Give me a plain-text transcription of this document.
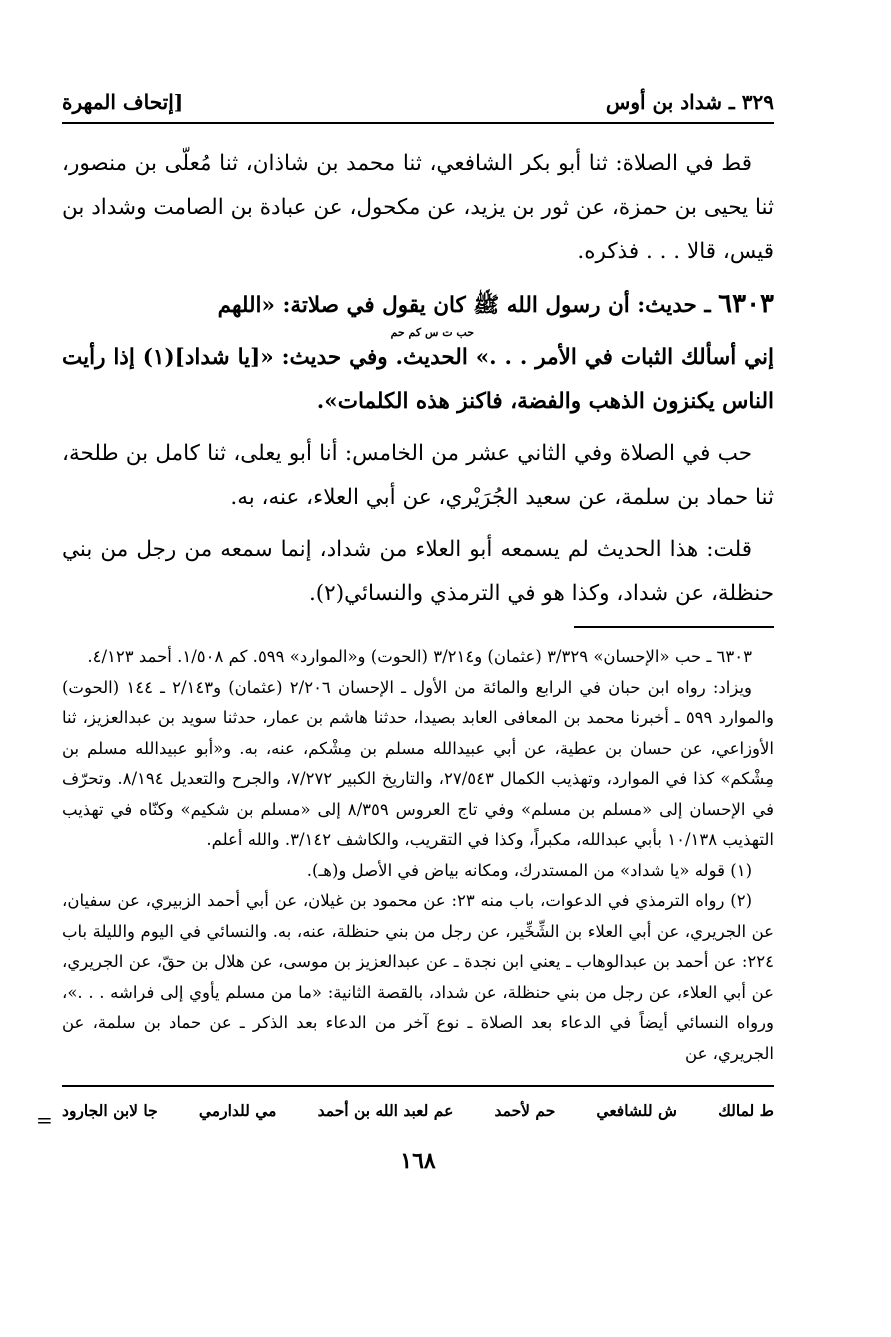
٣٢٩ ـ شداد بن أوس
[إتحاف المهرة

قط في الصلاة: ثنا أبو بكر الشافعي، ثنا محمد بن شاذان، ثنا مُعلّى بن منصور، ثنا يحيى بن حمزة، عن ثور بن يزيد، عن مكحول، عن عبادة بن الصامت وشداد بن قيس، قالا . . . فذكره.

٦٣٠٣ ـ حديث: أن رسول الله ﷺ كان يقول في صلاتة: «اللهم
حب ت س كم حم
إني أسألك الثبات في الأمر . . .» الحديث. وفي حديث: «[يا شداد](١) إذا رأيت الناس يكنزون الذهب والفضة، فاكنز هذه الكلمات».

حب في الصلاة وفي الثاني عشر من الخامس: أنا أبو يعلى، ثنا كامل بن طلحة، ثنا حماد بن سلمة، عن سعيد الجُرَيْري، عن أبي العلاء، عنه، به.

قلت: هذا الحديث لم يسمعه أبو العلاء من شداد، إنما سمعه من رجل من بني حنظلة، عن شداد، وكذا هو في الترمذي والنسائي(٢).

٦٣٠٣ ـ حب «الإحسان» ٣/٣٢٩ (عثمان) و٣/٢١٤ (الحوت) و«الموارد» ٥٩٩. كم ١/٥٠٨. أحمد ٤/١٢٣.

ويزاد: رواه ابن حبان في الرابع والمائة من الأول ـ الإحسان ٢/٢٠٦ (عثمان) و٢/١٤٣ ـ ١٤٤ (الحوت) والموارد ٥٩٩ ـ أخبرنا محمد بن المعافى العابد بصيدا، حدثنا هاشم بن عمار، حدثنا سويد بن عبدالعزيز، ثنا الأوزاعي، عن حسان بن عطية، عن أبي عبيدالله مسلم بن مِشْكم، عنه، به. و«أبو عبيدالله مسلم بن مِشْكم» كذا في الموارد، وتهذيب الكمال ٢٧/٥٤٣، والتاريخ الكبير ٧/٢٧٢، والجرح والتعديل ٨/١٩٤. وتحرّف في الإحسان إلى «مسلم بن مسلم» وفي تاج العروس ٨/٣٥٩ إلى «مسلم بن شكيم» وكنّاه في تهذيب التهذيب ١٠/١٣٨ بأبي عبدالله، مكبراً، وكذا في التقريب، والكاشف ٣/١٤٢. والله أعلم.

(١) قوله «يا شداد» من المستدرك، ومكانه بياض في الأصل و(هـ).

(٢) رواه الترمذي في الدعوات، باب منه ٢٣: عن محمود بن غيلان، عن أبي أحمد الزبيري، عن سفيان، عن الجريري، عن أبي العلاء بن الشِّخِّير، عن رجل من بني حنظلة، عنه، به. والنسائي في اليوم والليلة باب ٢٢٤: عن أحمد بن عبدالوهاب ـ يعني ابن نجدة ـ عن عبدالعزيز بن موسى، عن هلال بن حقّ، عن الجريري، عن أبي العلاء، عن رجل من بني حنظلة، عن شداد، بالقصة الثانية: «ما من مسلم يأوي إلى فراشه . . .»، ورواه النسائي أيضاً في الدعاء بعد الصلاة ـ نوع آخر من الدعاء بعد الذكر ـ عن حماد بن سلمة، عن الجريري، عن

ط لمالك
ش للشافعي
حم لأحمد
عم لعبد الله بن أحمد
مي للدارمي
جا لابن الجارود
١٦٨
=
